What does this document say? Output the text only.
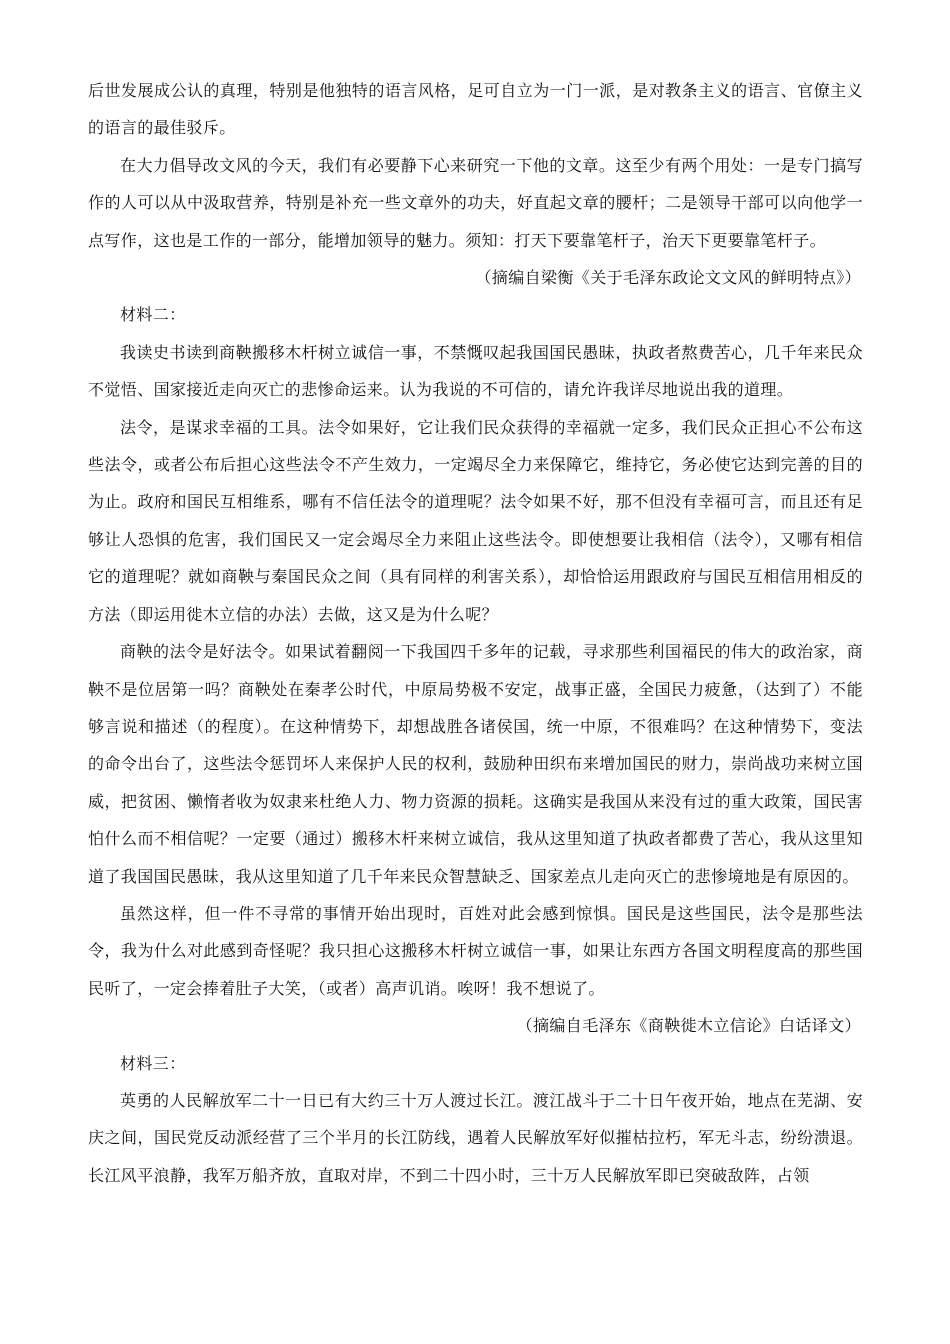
后世发展成公认的真理，特别是他独特的语言风格，足可自立为一门一派，是对教条主义的语言、官僚主义的语言的最佳驳斥。

在大力倡导改文风的今天，我们有必要静下心来研究一下他的文章。这至少有两个用处：一是专门搞写作的人可以从中汲取营养，特别是补充一些文章外的功夫，好直起文章的腰杆；二是领导干部可以向他学一点写作，这也是工作的一部分，能增加领导的魅力。须知：打天下要靠笔杆子，治天下更要靠笔杆子。

（摘编自梁衡《关于毛泽东政论文文风的鲜明特点》）

材料二：

我读史书读到商鞅搬移木杆树立诚信一事，不禁慨叹起我国国民愚昧，执政者熬费苦心，几千年来民众不觉悟、国家接近走向灭亡的悲惨命运来。认为我说的不可信的，请允许我详尽地说出我的道理。

法令，是谋求幸福的工具。法令如果好，它让我们民众获得的幸福就一定多，我们民众正担心不公布这些法令，或者公布后担心这些法令不产生效力，一定竭尽全力来保障它，维持它，务必使它达到完善的目的为止。政府和国民互相维系，哪有不信任法令的道理呢？法令如果不好，那不但没有幸福可言，而且还有足够让人恐惧的危害，我们国民又一定会竭尽全力来阻止这些法令。即使想要让我相信（法令），又哪有相信它的道理呢？就如商鞅与秦国民众之间（具有同样的利害关系），却恰恰运用跟政府与国民互相信用相反的方法（即运用徙木立信的办法）去做，这又是为什么呢？

商鞅的法令是好法令。如果试着翻阅一下我国四千多年的记载，寻求那些利国福民的伟大的政治家，商鞅不是位居第一吗？商鞅处在秦孝公时代，中原局势极不安定，战事正盛，全国民力疲惫，（达到了）不能够言说和描述（的程度）。在这种情势下，却想战胜各诸侯国，统一中原，不很难吗？在这种情势下，变法的命令出台了，这些法令惩罚坏人来保护人民的权利，鼓励种田织布来增加国民的财力，崇尚战功来树立国威，把贫困、懒惰者收为奴隶来杜绝人力、物力资源的损耗。这确实是我国从来没有过的重大政策，国民害怕什么而不相信呢？一定要（通过）搬移木杆来树立诚信，我从这里知道了执政者都费了苦心，我从这里知道了我国国民愚昧，我从这里知道了几千年来民众智慧缺乏、国家差点儿走向灭亡的悲惨境地是有原因的。

虽然这样，但一件不寻常的事情开始出现时，百姓对此会感到惊惧。国民是这些国民，法令是那些法令，我为什么对此感到奇怪呢？我只担心这搬移木杆树立诚信一事，如果让东西方各国文明程度高的那些国民听了，一定会捧着肚子大笑，（或者）高声讥诮。唉呀！我不想说了。

（摘编自毛泽东《商鞅徙木立信论》白话译文）

材料三：

英勇的人民解放军二十一日已有大约三十万人渡过长江。渡江战斗于二十日午夜开始，地点在芜湖、安庆之间，国民党反动派经营了三个半月的长江防线，遇着人民解放军好似摧枯拉朽，军无斗志，纷纷溃退。长江风平浪静，我军万船齐放，直取对岸，不到二十四小时，三十万人民解放军即已突破敌阵，占领
